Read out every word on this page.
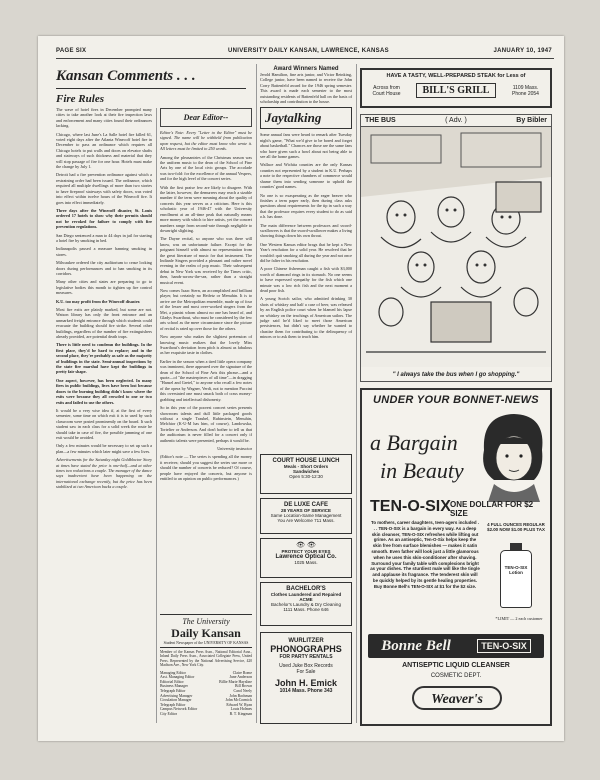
PAGE SIX	UNIVERSITY DAILY KANSAN, LAWRENCE, KANSAS	JANUARY 10, 1947
Kansan Comments . . .
Fire Rules

The wave of hotel fires in December prompted many cities to take another look at their fire inspection laws and enforcement and many cities found their ordinances lacking.

Chicago, where last June's La Salle hotel fire killed 61, voted eight days after the Atlanta Winecoff hotel fire in December to pass an ordinance which requires all Chicago hotels to put walls and doors on elevator shafts and stairways of such thickness and material that they will stop passage of fire for one hour. Hotels must make the change by July 1.

Detroit had a fire prevention ordinance against which a restraining order had been issued. The ordinance, which required all multiple dwellings of more than two stories to have fireproof stairways with safety doors, was voted into effect within twelve hours of the Winecoff fire. It goes into effect immediately.

Three days after the Winecoff disaster, St. Louis ordered 17 hotels to show why their permits should not be revoked for failure to comply with fire prevention regulations.

San Diego sentenced a man to 44 days in jail for starting a hotel fire by smoking in bed.

Indianapolis passed a measure banning smoking in stores.

Milwaukee ordered the city auditorium to cease locking doors during performances and to ban smoking in its corridors.

Many other cities and states are preparing to go to legislative bodies this month to tighten up fire control measures.

K.U. too may profit from the Winecoff disaster.

Most fire exits are plainly marked, but some are not. Watson library has only the front entrance and an unmarked freight entrance through which students could evacuate the building should fire strike. Several other buildings, regardless of the number of fire extinguishers already provided, are potential death traps.

There is little need to condemn the buildings. In the first place, they'd be hard to replace; and in the second place, they're probably as safe as the majority of buildings in the state. Semi-annual inspections by the state fire marshal have kept the buildings in pretty fair shape.

One aspect, however, has been neglected. In many fires in public buildings, lives have been lost because doors to the burning building didn't know where the exits were because they all crowded to one or two exits and failed to use the others.

It would be a very wise idea if, at the first of every semester, some time on which exit it is to used by such classroom were posted prominently on the board. It such student saw in each class for a solid week the route he should take in case of fire, the possible jamming of one exit would be avoided.

Only a few minutes would be necessary to set up such a plan—a few minutes which later might save a few lives.

Advertisements for the Saturday night Goldbloctor Story at times have stated the price is one-half—and at other times two reductions a couple. The manager of the dance says inadvertent have been happening on the international exchange recently, but the price has been stabilized at two American bucks a couple.

Dear Editor--

Editor's Note: Every "Letter to the Editor" must be signed. The name will be withheld from publication upon request, but the editor must know who wrote it. All letters must be limited to 250 words.

Among the pleasantries of the Christmas season was the uniform music to the dean of the School of Fine Arts by one of the local civic groups. The accolade was two-fold: for the excellence of the annual Vespers, and for the high level of the concert series.

With the first praise few are likely to disagree. With the latter, however, the demurrers may reach a sizable number if the term were meaning about the quality of concerts this year serves as a criticism. Here is this scholastic year of 1946-47 with the University enrollment at an all-time peak that naturally means more money with which to hire artists, yet the concert numbers range from second-rate through negligible to downright slighting.

The Dayne recital, so anyone who was there will know, was an unfortunate failure. Except for the poignant himself with almost no representation from the great literature of music for that instrument. The Indianle Singers provided a pleasant and rather novel evening in the realm of pop music. Their subsequent debut in New York was received by the Times critic, then, hands-across-the-sea, rather than a straight musical event.

Now comes Isaac Stern, an accomplished and brilliant player, but certainly no Heifetz or Menuhin. It is to arrive are the Metropolitan ensemble, made up of four of the lesser and most over-worked singers from the Met, a pianist whom almost no one has heard of, and Gladys Swarthout, who must be considered by the few arts school as the mere circumstance since the picture of recital is rated up over those for the others.

Now anyone who makes the slightest pretension of knowing music realizes that the lovely Miss Swarthout's deviation from pitch is almost as fabulous as her exquisite taste in clothes.

Earlier in the season when a tired little opera company was imminent, there appeared over the signature of the dean of the School of Fine Arts this phrase—and a quote—of "the masterpieces of all time"—in dragging "Hansel and Gretel," to anyone who recall a few notes of the opera by Wagner, Verdi, not to mention Puccini this overstated one must smack both of crass money-grabbing and intellectual dishonesty.

So in this year of the poorest concert series presents showroom talents and dull little packaged goods without a single Traubel, Rubinstein, Menuhin, Melchior (K-U-M has him, of course), Landowska, Tortelier or Anderson. And don't bother to tell us that the auditorium is never filled for a concert only if authentic talents were presented, perhaps it would be.

University instructor

(Editor's note — The series is spending all the money it receives; should you suggest the series use more or should the number of concerts be reduced? Of course, people have enjoyed the concerts, but anyone is entitled to an opinion on public performances.)

The University
Daily Kansan
Student Newspaper of the UNIVERSITY OF KANSAS

Member of the Kansas Press Assn., National Editorial Assn., Inland Daily Press Assn., Associated Collegiate Press, United Press. Represented by the National Advertising Service, 420 Madison Ave., New York City.

Managing Editor	Claire Rome
Asst. Managing Editor	June Anderson
Editorial Editor	Billie Marie Haysline
Business Manager	Bill Brown
Telegraph Editor	Carol Neely
Advertising Manager	John Bachman
Circulation Manager	John McCormick
Telegraph Editor	Edward W. Ryan
Campus Network Editor	Louis Holmes
City Editor	B. T. Kingman
Award Winners Named

Jerold Hamilton, fine arts junior, and Victor Reinking, College junior, have been named to receive the John Corry Battenfeld award for the 1946 spring semester. This award is made each semester to the most outstanding residents of Battenfeld hall on the basis of scholarship and contribution to the house.

Jaytalking

Some annual fans were heard to remark after Tuesday night's game, "What we'd give to be bored and forget about basketball." Chances are those are the same fans who have given such a howl about not being able to see all the home games.

Wallace and Wichita counties are the only Kansas counties not represented by a student in K.U. Perhaps a note to the respective chambers of commerce would shame them into sending someone to uphold the counties' good names.

No one is so exasperating as the eager beaver who finishes a term paper early, then during class asks questions about requirements for the tip in such a way that the professor requires every student to do as said o.h. has done.

The main difference between professors and sword-swallowers is that the sword-swallower makes a living showing things down his own throat.

One Western Kansas editor brags that he kept a New Year's resolution for a solid year. He resolved that he wouldn't quit smoking all during the year and not once did he falter in his resolution.

A poor Chinese fisherman caught a fish with $3,000 worth of diamond rings in its stomach. No one seems to have expressed sympathy for the fish which one minute was a low rich fish and the next moment a dead poor fish.

A young Scotch sailor, who admitted drinking 30 shots of whiskey and half a case of beer, was released by an English police court when he blamed his lapse on whiskey on the teachings of American sailors. The judge said he'd liked to meet those American persistences, but didn't say whether he wanted to chastise them for contributing to the delinquency of minors or to ask them to teach him.

COURT HOUSE LUNCH
Meals - Short Orders
Sandwiches
Open 5:30-12:30
DE LUXE CAFE
28 YEARS OF SERVICE
Same Location-Same Management
You Are Welcome 711 Mass.
👁 👁
PROTECT YOUR EYES
Lawrence Optical Co.
1025 Mass.
BACHELOR'S
Clothes Laundered and Repaired
ACME
Bachelor's Laundry & Dry Cleaning
1111 Mass. Phone 646
WURLITZER
PHONOGRAPHS
FOR PARTY RENTALS
Used Juke Box Records
For Sale
John H. Emick
1014 Mass. Phone 343
HAVE A TASTY, WELL-PREPARED STEAK for Less of
Across from Court House	BILL'S GRILL	1109 Mass. Phone 2054
THE BUS	( Adv. )	By Bibler
" I always take the bus when I go shopping."
UNDER YOUR BONNET-NEWS
a Bargain
in Beauty
TEN-O-SIX ONE DOLLAR FOR $2 SIZE

To mothers, career daughters, teen-agers included . . . TEN-O-SIX is a bargain in every way. As a deep skin cleanser, TEN-O-SIX refreshes while lifting out grime. As an antiseptic, Ten-O-Six helps keep the skin free from surface blemishes — makes it satin smooth. Even father will look just a little glamorous when he uses this skin-conditioner after shaving. Surround your family table with complexions bright as your dishes. The sturdiest male will like the tingle and applause its fragrance. The tenderest skin will be quickly helped by its gentle healing properties. Buy Bonne Bell's TEN-O-SIX at $1 for the $2 size.

4 FULL OUNCES REGULAR $2.00 NOW $1.00 PLUS TAX
TEN-O-SIX Lotion
*LIMIT — 2 each customer
Bonne Bell	TEN-O-SIX
ANTISEPTIC LIQUID CLEANSER
COSMETIC DEPT.
Weaver's
